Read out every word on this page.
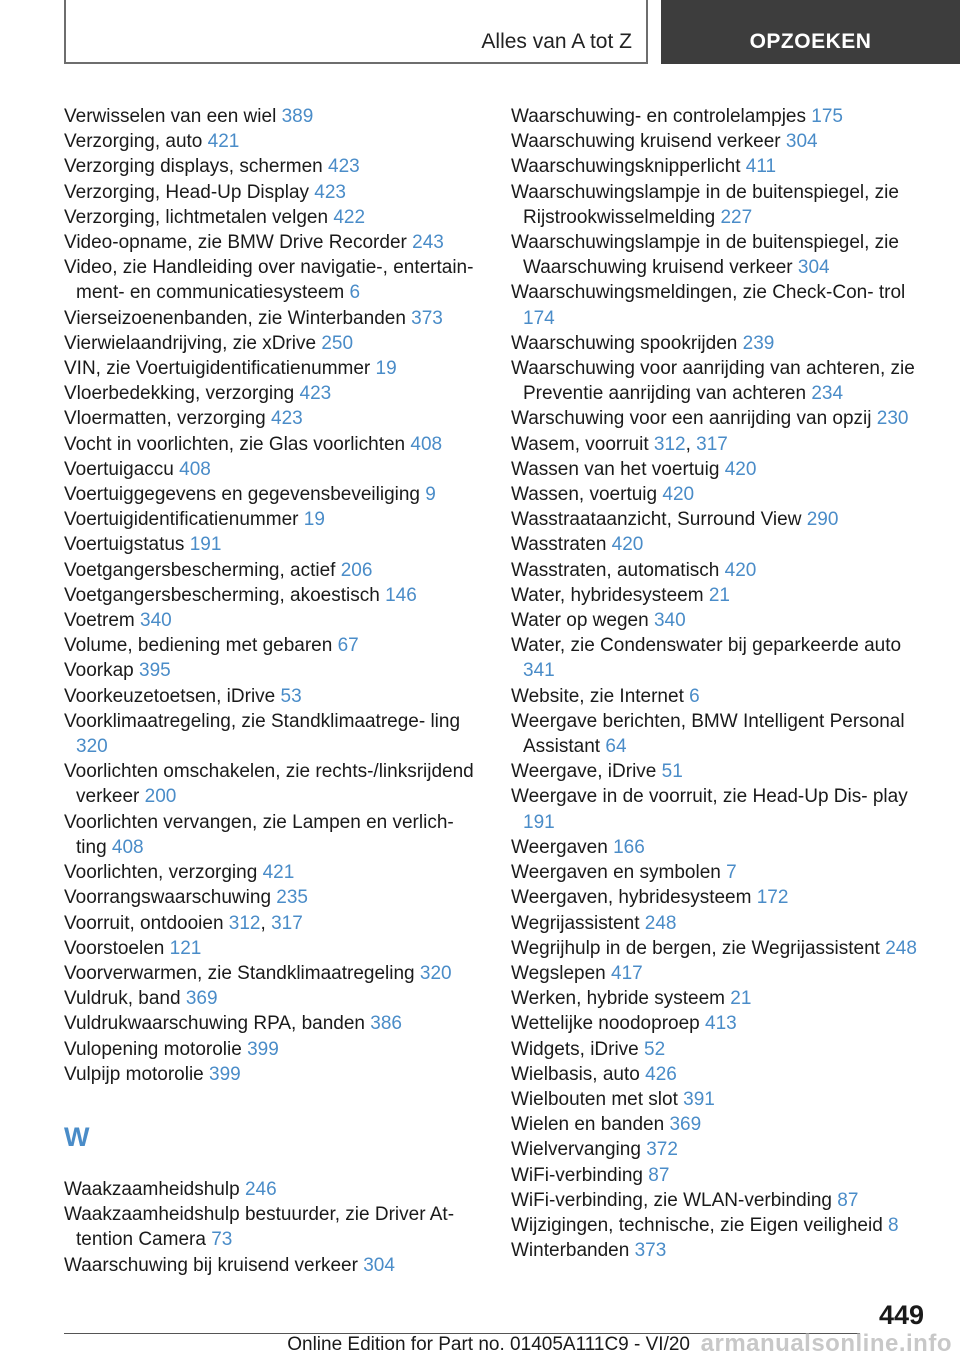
Alles van A tot Z	OPZOEKEN
Verwisselen van een wiel 389
Verzorging, auto 421
Verzorging displays, schermen 423
Verzorging, Head-Up Display 423
Verzorging, lichtmetalen velgen 422
Video-opname, zie BMW Drive Recorder 243
Video, zie Handleiding over navigatie-, entertain‐ ment- en communicatiesysteem 6
Vierseizoenenbanden, zie Winterbanden 373
Vierwielaandrijving, zie xDrive 250
VIN, zie Voertuigidentificatienummer 19
Vloerbedekking, verzorging 423
Vloermatten, verzorging 423
Vocht in voorlichten, zie Glas voorlichten 408
Voertuigaccu 408
Voertuiggegevens en gegevensbeveiliging 9
Voertuigidentificatienummer 19
Voertuigstatus 191
Voetgangersbescherming, actief 206
Voetgangersbescherming, akoestisch 146
Voetrem 340
Volume, bediening met gebaren 67
Voorkap 395
Voorkeuzetoetsen, iDrive 53
Voorklimaatregeling, zie Standklimaatrege‐ ling 320
Voorlichten omschakelen, zie rechts-/linksrijdend verkeer 200
Voorlichten vervangen, zie Lampen en verlich‐ ting 408
Voorlichten, verzorging 421
Voorrangswaarschuwing 235
Voorruit, ontdooien 312, 317
Voorstoelen 121
Voorverwarmen, zie Standklimaatregeling 320
Vuldruk, band 369
Vuldrukwaarschuwing RPA, banden 386
Vulopening motorolie 399
Vulpijp motorolie 399
W
Waakzaamheidshulp 246
Waakzaamheidshulp bestuurder, zie Driver At‐ tention Camera 73
Waarschuwing bij kruisend verkeer 304
Waarschuwing- en controlelampjes 175
Waarschuwing kruisend verkeer 304
Waarschuwingsknipperlicht 411
Waarschuwingslampje in de buitenspiegel, zie Rijstrookwisselmelding 227
Waarschuwingslampje in de buitenspiegel, zie Waarschuwing kruisend verkeer 304
Waarschuwingsmeldingen, zie Check-Con‐ trol 174
Waarschuwing spookrijden 239
Waarschuwing voor aanrijding van achteren, zie Preventie aanrijding van achteren 234
Warschuwing voor een aanrijding van opzij 230
Wasem, voorruit 312, 317
Wassen van het voertuig 420
Wassen, voertuig 420
Wasstraataanzicht, Surround View 290
Wasstraten 420
Wasstraten, automatisch 420
Water, hybridesysteem 21
Water op wegen 340
Water, zie Condenswater bij geparkeerde auto 341
Website, zie Internet 6
Weergave berichten, BMW Intelligent Personal Assistant 64
Weergave, iDrive 51
Weergave in de voorruit, zie Head-Up Dis‐ play 191
Weergaven 166
Weergaven en symbolen 7
Weergaven, hybridesysteem 172
Wegrijassistent 248
Wegrijhulp in de bergen, zie Wegrijassistent 248
Wegslepen 417
Werken, hybride systeem 21
Wettelijke noodoproep 413
Widgets, iDrive 52
Wielbasis, auto 426
Wielbouten met slot 391
Wielen en banden 369
Wielvervanging 372
WiFi-verbinding 87
WiFi-verbinding, zie WLAN-verbinding 87
Wijzigingen, technische, zie Eigen veiligheid 8
Winterbanden 373
449
Online Edition for Part no. 01405A111C9 - VI/20 armanualsonline.info
